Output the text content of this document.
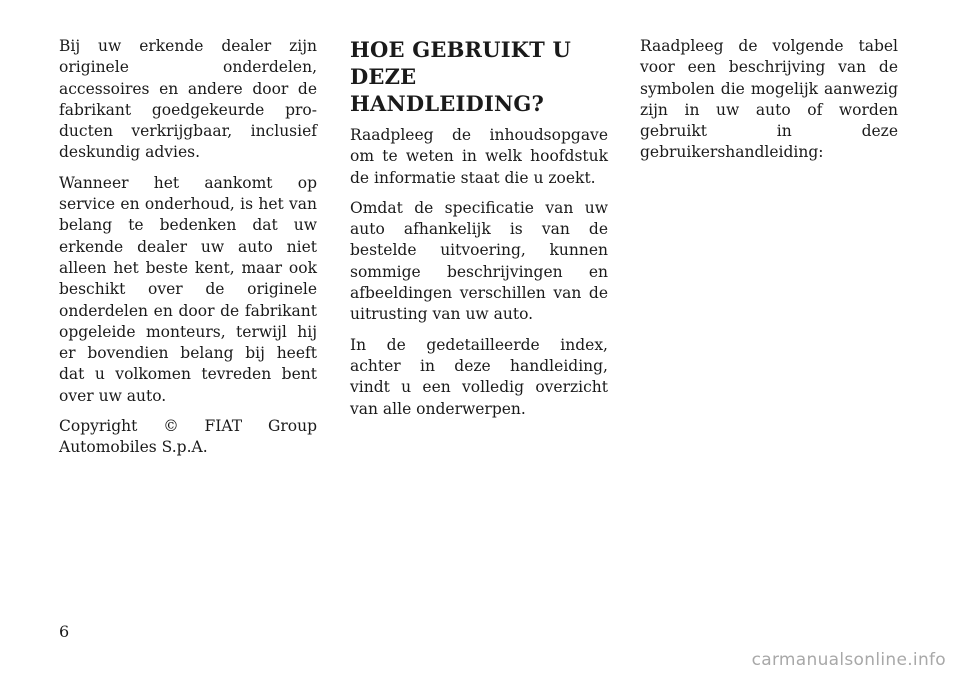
Bij uw erkende dealer zijn originele onderdelen, accessoires en andere door de fabrikant goedgekeurde producten verkrijgbaar, inclusief deskundig advies.

Wanneer het aankomt op service en onderhoud, is het van belang te bedenken dat uw erkende dealer uw auto niet alleen het beste kent, maar ook beschikt over de originele onderdelen en door de fabrikant opgeleide monteurs, terwijl hij er bovendien belang bij heeft dat u volkomen tevreden bent over uw auto.

Copyright © FIAT Group Automobiles S.p.A.

HOE GEBRUIKT U DEZE HANDLEIDING?

Raadpleeg de inhoudsopgave om te weten in welk hoofdstuk de informatie staat die u zoekt.

Omdat de specificatie van uw auto afhankelijk is van de bestelde uitvoering, kunnen sommige beschrijvingen en afbeeldingen verschillen van de uitrusting van uw auto.

In de gedetailleerde index, achter in deze handleiding, vindt u een volledig overzicht van alle onderwerpen.

Raadpleeg de volgende tabel voor een beschrijving van de symbolen die mogelijk aanwezig zijn in uw auto of worden gebruikt in deze gebruikershandleiding:

6
carmanualsonline.info
